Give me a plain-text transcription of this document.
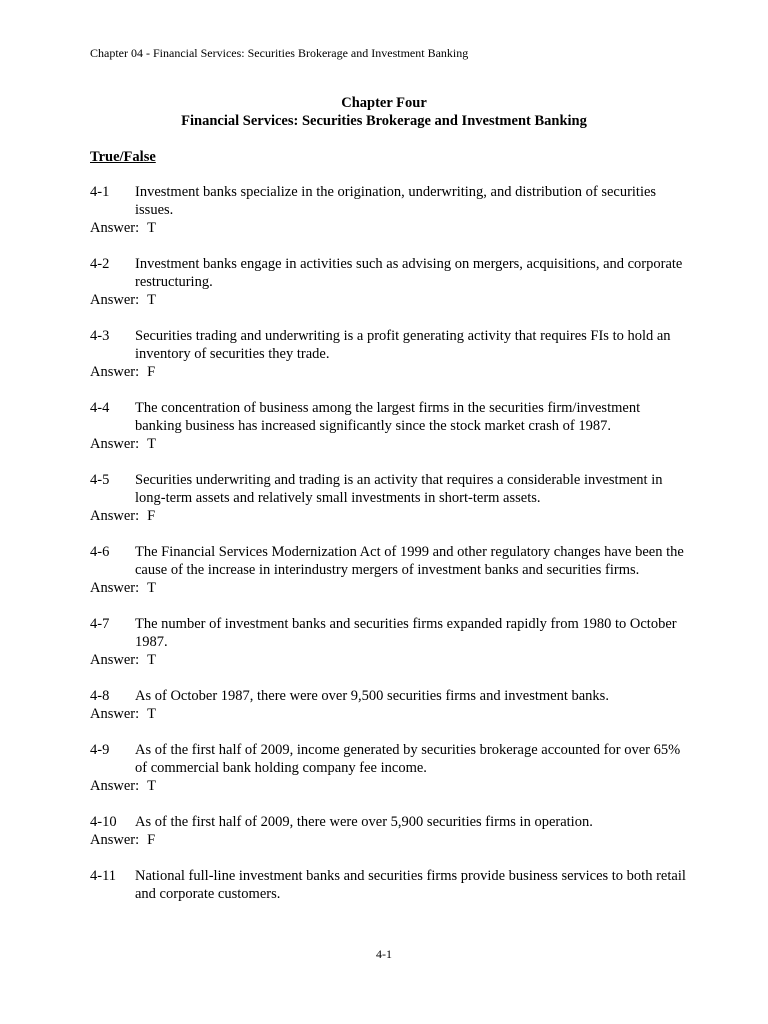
Chapter 04 - Financial Services: Securities Brokerage and Investment Banking
Chapter Four
Financial Services: Securities Brokerage and Investment Banking
True/False
4-1	Investment banks specialize in the origination, underwriting, and distribution of securities issues.
Answer: T
4-2	Investment banks engage in activities such as advising on mergers, acquisitions, and corporate restructuring.
Answer: T
4-3	Securities trading and underwriting is a profit generating activity that requires FIs to hold an inventory of securities they trade.
Answer: F
4-4	The concentration of business among the largest firms in the securities firm/investment banking business has increased significantly since the stock market crash of 1987.
Answer: T
4-5	Securities underwriting and trading is an activity that requires a considerable investment in long-term assets and relatively small investments in short-term assets.
Answer: F
4-6	The Financial Services Modernization Act of 1999 and other regulatory changes have been the cause of the increase in interindustry mergers of investment banks and securities firms.
Answer: T
4-7	The number of investment banks and securities firms expanded rapidly from 1980 to October 1987.
Answer: T
4-8	As of October 1987, there were over 9,500 securities firms and investment banks.
Answer: T
4-9	As of the first half of 2009, income generated by securities brokerage accounted for over 65% of commercial bank holding company fee income.
Answer: T
4-10	As of the first half of 2009, there were over 5,900 securities firms in operation.
Answer: F
4-11	National full-line investment banks and securities firms provide business services to both retail and corporate customers.
4-1
